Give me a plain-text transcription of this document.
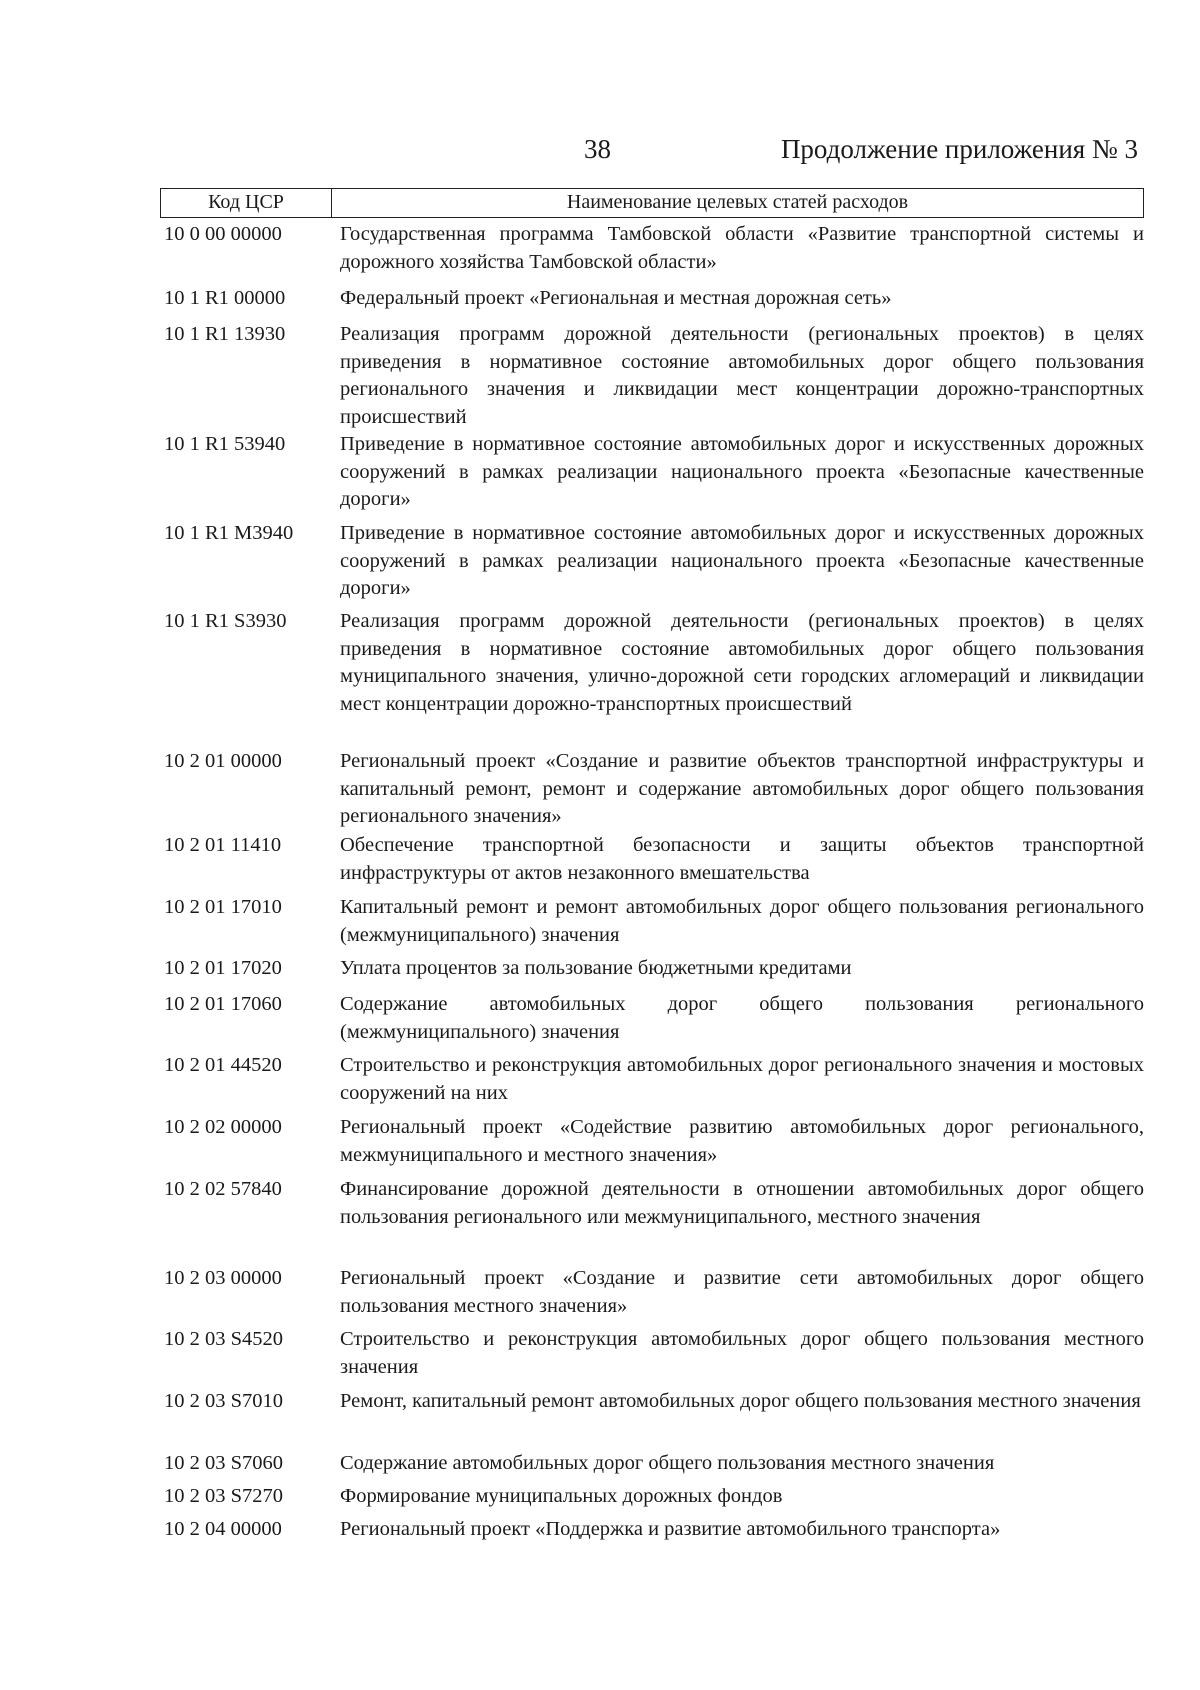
38	Продолжение приложения № 3
Код ЦСР	Наименование целевых статей расходов
10 0 00 00000	Государственная программа Тамбовской области «Развитие транспортной системы и дорожного хозяйства Тамбовской области»
10 1 R1 00000	Федеральный проект «Региональная и местная дорожная сеть»
10 1 R1 13930	Реализация программ дорожной деятельности (региональных проектов) в целях приведения в нормативное состояние автомобильных дорог общего пользования регионального значения и ликвидации мест концентрации дорожно-транспортных происшествий
10 1 R1 53940	Приведение в нормативное состояние автомобильных дорог и искусственных дорожных сооружений в рамках реализации национального проекта «Безопасные качественные дороги»
10 1 R1 M3940	Приведение в нормативное состояние автомобильных дорог и искусственных дорожных сооружений в рамках реализации национального проекта «Безопасные качественные дороги»
10 1 R1 S3930	Реализация программ дорожной деятельности (региональных проектов) в целях приведения в нормативное состояние автомобильных дорог общего пользования муниципального значения, улично-дорожной сети городских агломераций и ликвидации мест концентрации дорожно-транспортных происшествий
10 2 01 00000	Региональный проект «Создание и развитие объектов транспортной инфраструктуры и капитальный ремонт, ремонт и содержание автомобильных дорог общего пользования регионального значения»
10 2 01 11410	Обеспечение транспортной безопасности и защиты объектов транспортной инфраструктуры от актов незаконного вмешательства
10 2 01 17010	Капитальный ремонт и ремонт автомобильных дорог общего пользования регионального (межмуниципального) значения
10 2 01 17020	Уплата процентов за пользование бюджетными кредитами
10 2 01 17060	Содержание автомобильных дорог общего пользования регионального (межмуниципального) значения
10 2 01 44520	Строительство и реконструкция автомобильных дорог регионального значения и мостовых сооружений на них
10 2 02 00000	Региональный проект «Содействие развитию автомобильных дорог регионального, межмуниципального и местного значения»
10 2 02 57840	Финансирование дорожной деятельности в отношении автомобильных дорог общего пользования регионального или межмуниципального, местного значения
10 2 03 00000	Региональный проект «Создание и развитие сети автомобильных дорог общего пользования местного значения»
10 2 03 S4520	Строительство и реконструкция автомобильных дорог общего пользования местного значения
10 2 03 S7010	Ремонт, капитальный ремонт автомобильных дорог общего пользования местного значения
10 2 03 S7060	Содержание автомобильных дорог общего пользования местного значения
10 2 03 S7270	Формирование муниципальных дорожных фондов
10 2 04 00000	Региональный проект «Поддержка и развитие автомобильного транспорта»
